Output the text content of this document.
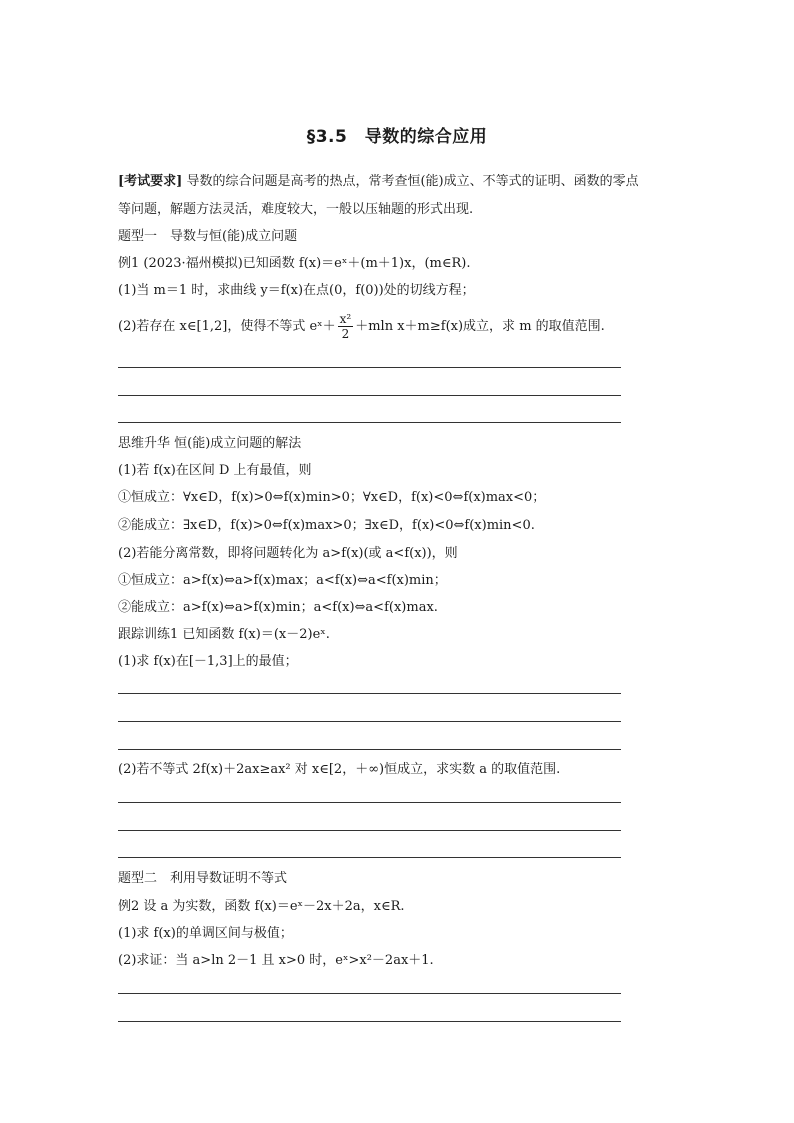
§3.5　导数的综合应用
[考试要求] 导数的综合问题是高考的热点，常考查恒(能)成立、不等式的证明、函数的零点
等问题，解题方法灵活，难度较大，一般以压轴题的形式出现.
题型一　导数与恒(能)成立问题
例1 (2023·福州模拟)已知函数 f(x)＝eˣ＋(m＋1)x，(m∈R).
(1)当 m＝1 时，求曲线 y＝f(x)在点(0，f(0))处的切线方程；
(2)若存在 x∈[1,2]，使得不等式 eˣ＋ $\frac{\text{x²}}{2} +mln$ x＋m≥f(x)成立，求 m 的取值范围.
思维升华 恒(能)成立问题的解法
(1)若 f(x)在区间 D 上有最值，则
①恒成立：∀x∈D，f(x)>0⇔f(x)min>0；∀x∈D，f(x)<0⇔f(x)max<0；
②能成立：∃x∈D，f(x)>0⇔f(x)max>0；∃x∈D，f(x)<0⇔f(x)min<0.
(2)若能分离常数，即将问题转化为 a>f(x)(或 a<f(x))，则
①恒成立：a>f(x)⇔a>f(x)max；a<f(x)⇔a<f(x)min；
②能成立：a>f(x)⇔a>f(x)min；a<f(x)⇔a<f(x)max.
跟踪训练1 已知函数 f(x)＝(x－2)eˣ.
(1)求 f(x)在[－1,3]上的最值；
(2)若不等式 2f(x)＋2ax≥ax² 对 x∈[2，＋∞)恒成立，求实数 a 的取值范围.
题型二　利用导数证明不等式
例2 设 a 为实数，函数 f(x)＝eˣ－2x＋2a，x∈R.
(1)求 f(x)的单调区间与极值；
(2)求证：当 a>ln 2－1 且 x>0 时，eˣ>x²－2ax＋1.
